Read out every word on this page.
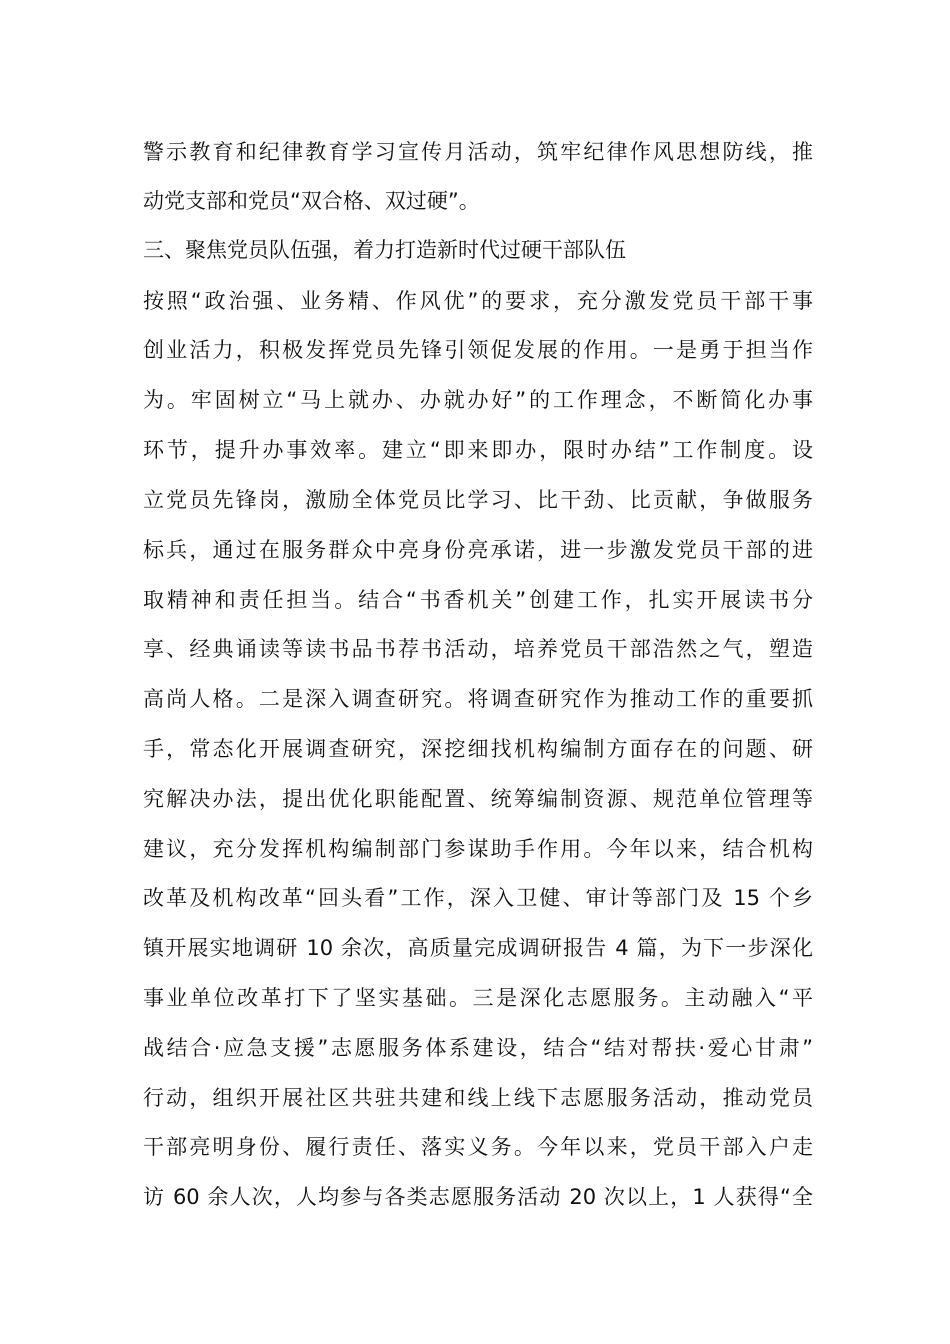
警示教育和纪律教育学习宣传月活动，筑牢纪律作风思想防线，推
动党支部和党员“双合格、双过硬”。
三、聚焦党员队伍强，着力打造新时代过硬干部队伍
按照“政治强、业务精、作风优”的要求，充分激发党员干部干事
创业活力，积极发挥党员先锋引领促发展的作用。一是勇于担当作
为。牢固树立“马上就办、办就办好”的工作理念，不断简化办事
环节，提升办事效率。建立“即来即办，限时办结”工作制度。设
立党员先锋岗，激励全体党员比学习、比干劲、比贡献，争做服务
标兵，通过在服务群众中亮身份亮承诺，进一步激发党员干部的进
取精神和责任担当。结合“书香机关”创建工作，扎实开展读书分
享、经典诵读等读书品书荐书活动，培养党员干部浩然之气，塑造
高尚人格。二是深入调查研究。将调查研究作为推动工作的重要抓
手，常态化开展调查研究，深挖细找机构编制方面存在的问题、研
究解决办法，提出优化职能配置、统筹编制资源、规范单位管理等
建议，充分发挥机构编制部门参谋助手作用。今年以来，结合机构
改革及机构改革“回头看”工作，深入卫健、审计等部门及 15 个乡
镇开展实地调研 10 余次，高质量完成调研报告 4 篇，为下一步深化
事业单位改革打下了坚实基础。三是深化志愿服务。主动融入“平
战结合·应急支援”志愿服务体系建设，结合“结对帮扶·爱心甘肃”
行动，组织开展社区共驻共建和线上线下志愿服务活动，推动党员
干部亮明身份、履行责任、落实义务。今年以来，党员干部入户走
访 60 余人次，人均参与各类志愿服务活动 20 次以上，1 人获得“全
